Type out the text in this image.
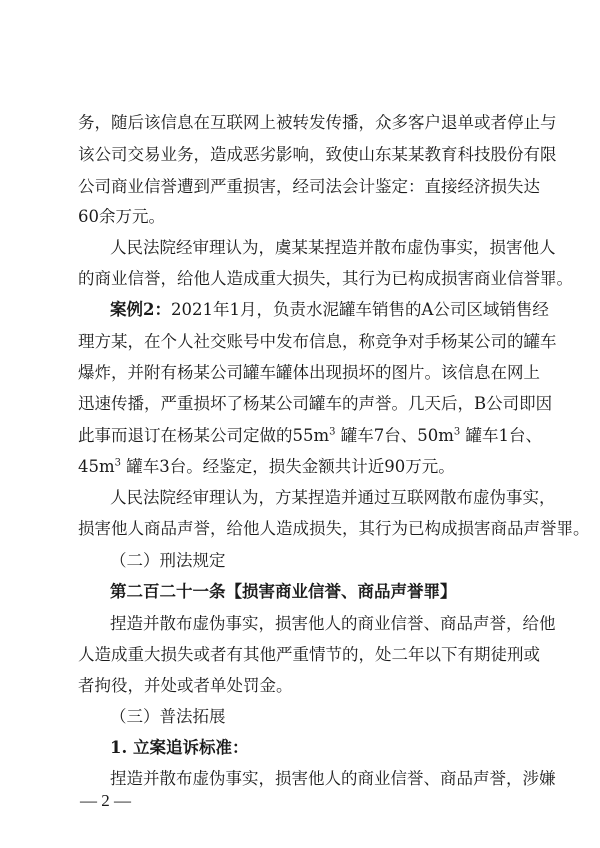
务，随后该信息在互联网上被转发传播，众多客户退单或者停止与
该公司交易业务，造成恶劣影响，致使山东某某教育科技股份有限
公司商业信誉遭到严重损害，经司法会计鉴定：直接经济损失达
60余万元。
人民法院经审理认为，虞某某捏造并散布虚伪事实，损害他人
的商业信誉，给他人造成重大损失，其行为已构成损害商业信誉罪。
案例2：2021年1月，负责水泥罐车销售的A公司区域销售经
理方某，在个人社交账号中发布信息，称竞争对手杨某公司的罐车
爆炸，并附有杨某公司罐车罐体出现损坏的图片。该信息在网上
迅速传播，严重损坏了杨某公司罐车的声誉。几天后，B公司即因
此事而退订在杨某公司定做的$55m^3$ 罐车7台、$50m^3$ 罐车1台、
$45m^3$ 罐车3台。经鉴定，损失金额共计近90万元。
人民法院经审理认为，方某捏造并通过互联网散布虚伪事实，
损害他人商品声誉，给他人造成损失，其行为已构成损害商品声誉罪。
（二）刑法规定
第二百二十一条【损害商业信誉、商品声誉罪】
捏造并散布虚伪事实，损害他人的商业信誉、商品声誉，给他
人造成重大损失或者有其他严重情节的，处二年以下有期徒刑或
者拘役，并处或者单处罚金。
（三）普法拓展
1. 立案追诉标准：
捏造并散布虚伪事实，损害他人的商业信誉、商品声誉，涉嫌
— 2 —
